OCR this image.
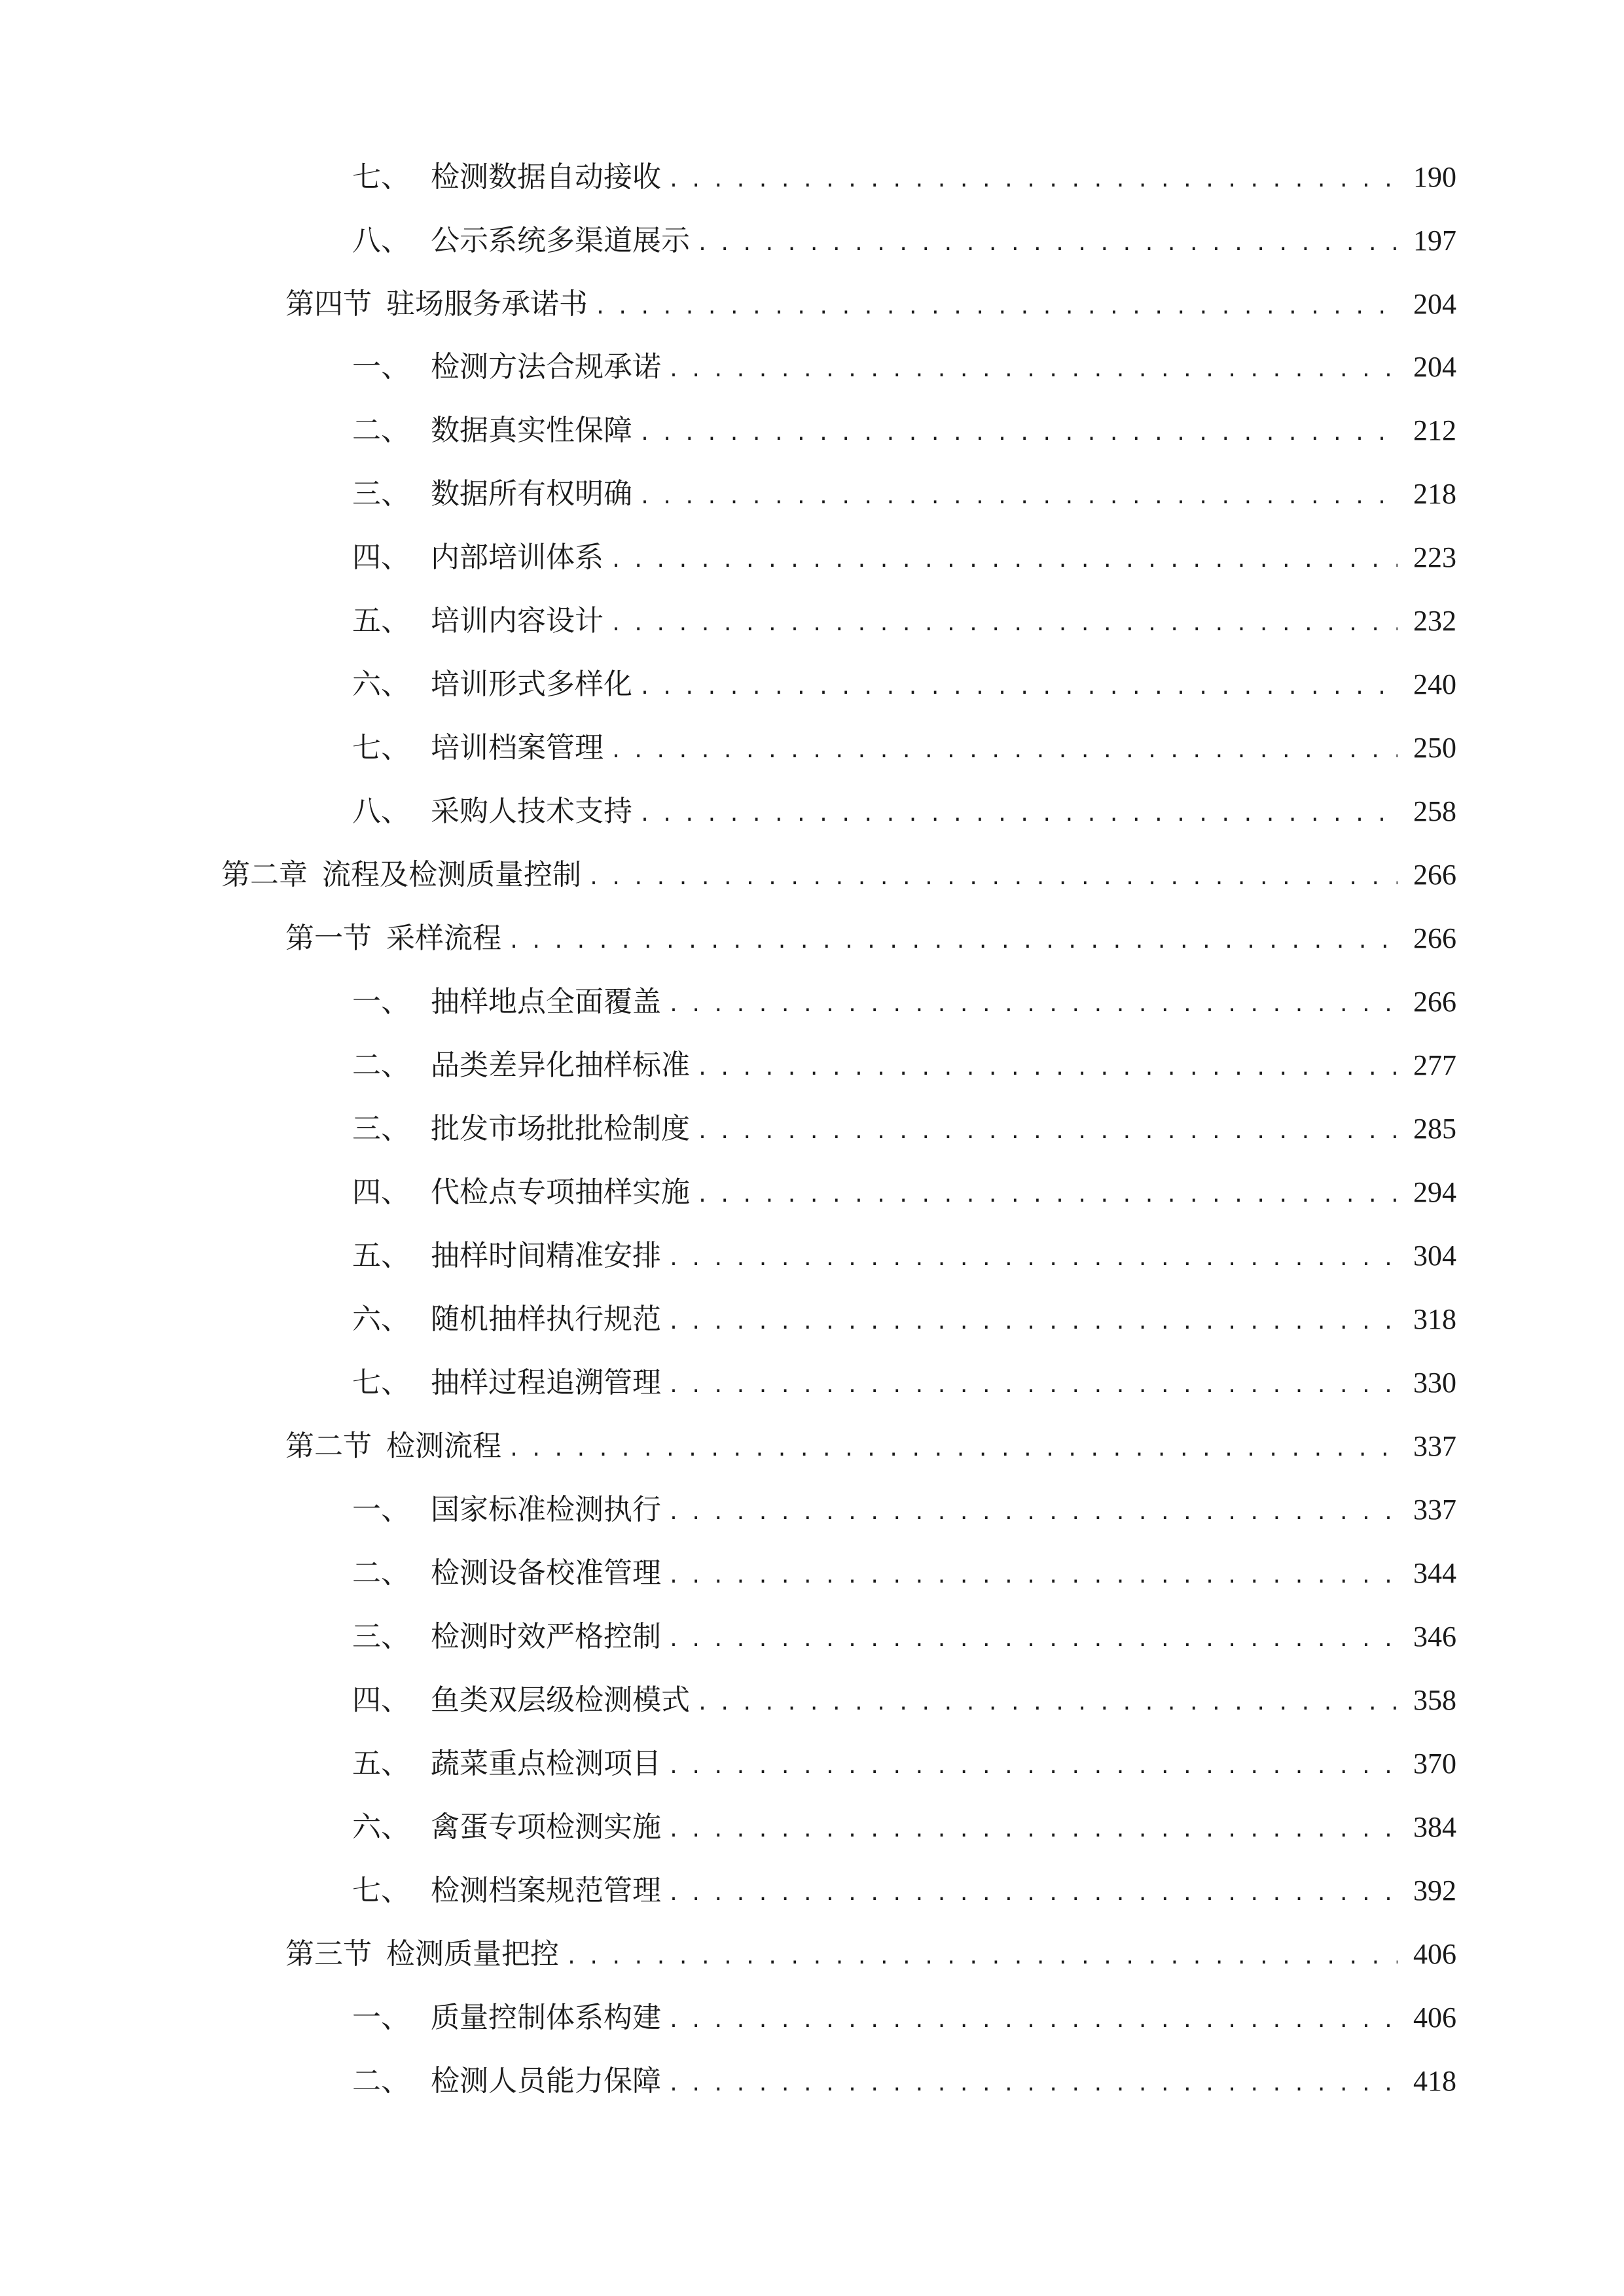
七、 检测数据自动接收 . . .	190
八、 公示系统多渠道展示 . . .	197
第四节 驻场服务承诺书 . . .	204
一、 检测方法合规承诺 . . .	204
二、 数据真实性保障 . . .	212
三、 数据所有权明确 . . .	218
四、 内部培训体系 . . .	223
五、 培训内容设计 . . .	232
六、 培训形式多样化 . . .	240
七、 培训档案管理 . . .	250
八、 采购人技术支持 . . .	258
第二章 流程及检测质量控制 . . .	266
第一节 采样流程 . . .	266
一、 抽样地点全面覆盖 . . .	266
二、 品类差异化抽样标准 . . .	277
三、 批发市场批批检制度 . . .	285
四、 代检点专项抽样实施 . . .	294
五、 抽样时间精准安排 . . .	304
六、 随机抽样执行规范 . . .	318
七、 抽样过程追溯管理 . . .	330
第二节 检测流程 . . .	337
一、 国家标准检测执行 . . .	337
二、 检测设备校准管理 . . .	344
三、 检测时效严格控制 . . .	346
四、 鱼类双层级检测模式 . . .	358
五、 蔬菜重点检测项目 . . .	370
六、 禽蛋专项检测实施 . . .	384
七、 检测档案规范管理 . . .	392
第三节 检测质量把控 . . .	406
一、 质量控制体系构建 . . .	406
二、 检测人员能力保障 . . .	418
